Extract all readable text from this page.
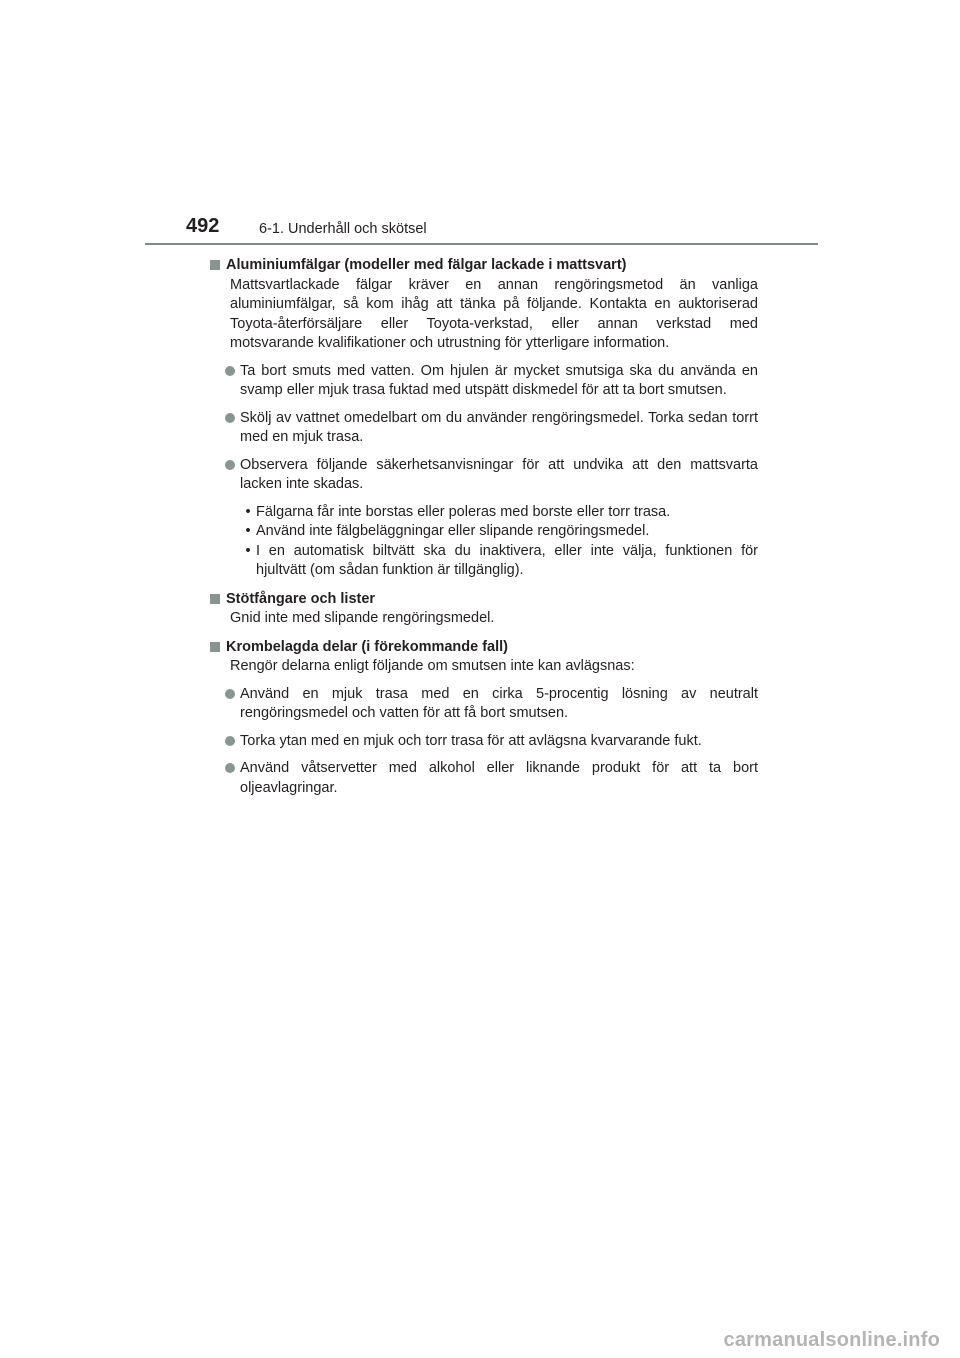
492	6-1. Underhåll och skötsel
Aluminiumfälgar (modeller med fälgar lackade i mattsvart)
Mattsvartlackade fälgar kräver en annan rengöringsmetod än vanliga aluminiumfälgar, så kom ihåg att tänka på följande. Kontakta en auktoriserad Toyota-återförsäljare eller Toyota-verkstad, eller annan verkstad med motsvarande kvalifikationer och utrustning för ytterligare information.
Ta bort smuts med vatten. Om hjulen är mycket smutsiga ska du använda en svamp eller mjuk trasa fuktad med utspätt diskmedel för att ta bort smutsen.
Skölj av vattnet omedelbart om du använder rengöringsmedel. Torka sedan torrt med en mjuk trasa.
Observera följande säkerhetsanvisningar för att undvika att den mattsvarta lacken inte skadas.
• Fälgarna får inte borstas eller poleras med borste eller torr trasa.
• Använd inte fälgbeläggningar eller slipande rengöringsmedel.
• I en automatisk biltvätt ska du inaktivera, eller inte välja, funktionen för hjultvätt (om sådan funktion är tillgänglig).
Stötfångare och lister
Gnid inte med slipande rengöringsmedel.
Krombelagda delar (i förekommande fall)
Rengör delarna enligt följande om smutsen inte kan avlägsnas:
Använd en mjuk trasa med en cirka 5-procentig lösning av neutralt rengöringsmedel och vatten för att få bort smutsen.
Torka ytan med en mjuk och torr trasa för att avlägsna kvarvarande fukt.
Använd våtservetter med alkohol eller liknande produkt för att ta bort oljeavlagringar.
carmanualsonline.info
